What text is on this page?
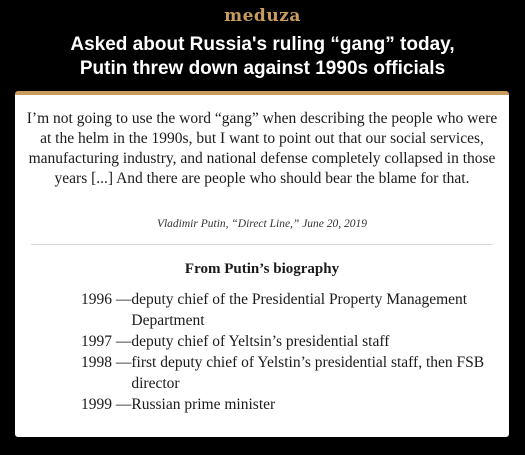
meduza
Asked about Russia's ruling “gang” today,
Putin threw down against 1990s officials
I’m not going to use the word “gang” when describing the people who were at the helm in the 1990s, but I want to point out that our social services, manufacturing industry, and national defense completely collapsed in those years [...] And there are people who should bear the blame for that.
Vladimir Putin, “Direct Line,” June 20, 2019
From Putin’s biography
1996 — deputy chief of the Presidential Property Management Department
1997 — deputy chief of Yeltsin’s presidential staff
1998 — first deputy chief of Yelstin’s presidential staff, then FSB director
1999 — Russian prime minister
